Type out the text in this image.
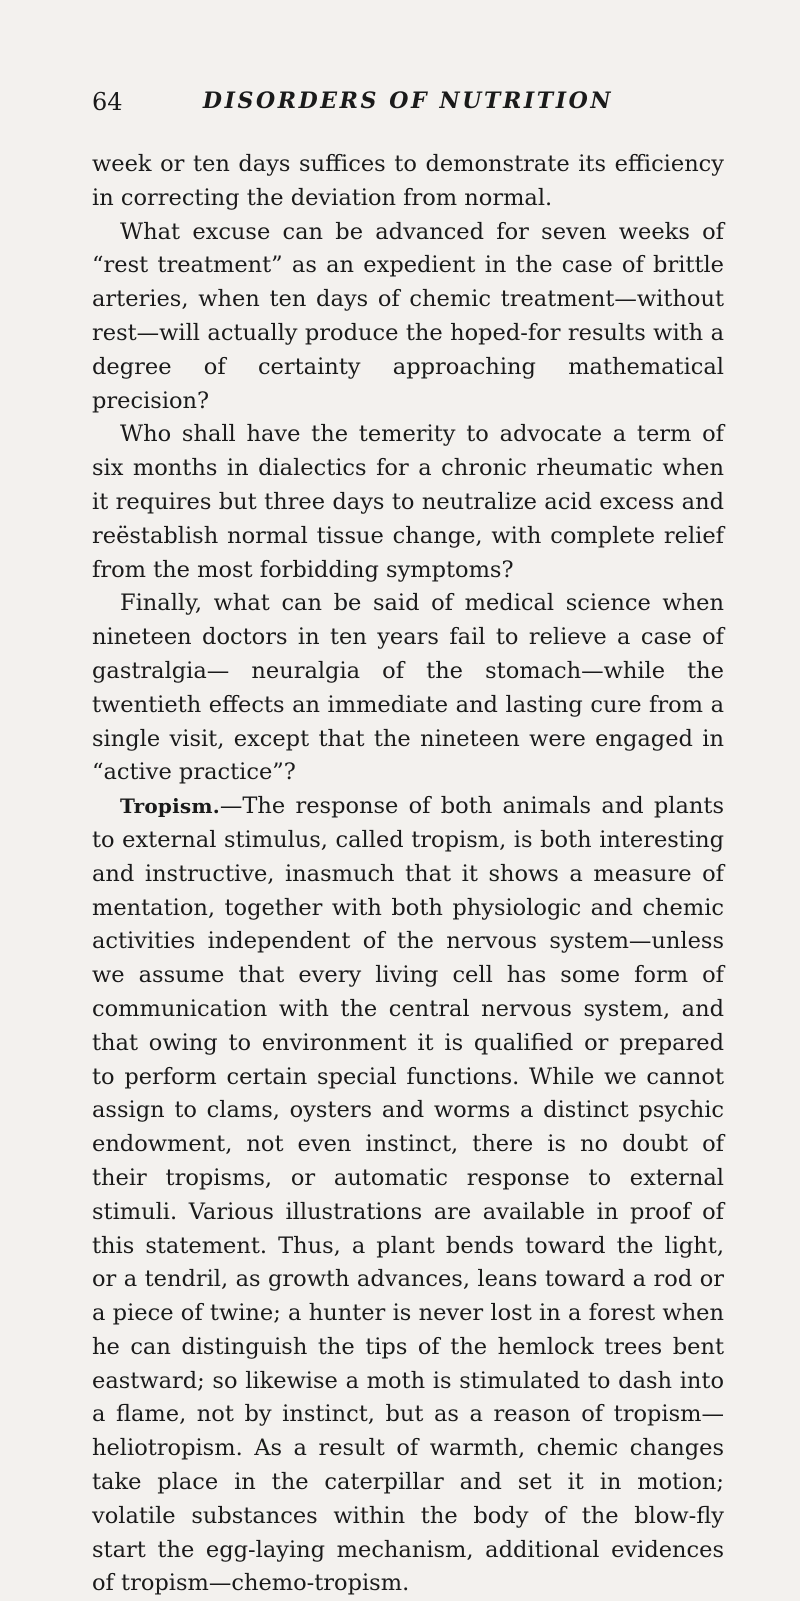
64	DISORDERS OF NUTRITION

week or ten days suffices to demonstrate its efficiency in correcting the deviation from normal.

What excuse can be advanced for seven weeks of “rest treatment” as an expedient in the case of brittle arteries, when ten days of chemic treatment—without rest—will actually produce the hoped-for results with a degree of certainty approaching mathematical precision?

Who shall have the temerity to advocate a term of six months in dialectics for a chronic rheumatic when it requires but three days to neutralize acid excess and reëstablish normal tissue change, with complete relief from the most forbidding symptoms?

Finally, what can be said of medical science when nineteen doctors in ten years fail to relieve a case of gastralgia— neuralgia of the stomach—while the twentieth effects an immediate and lasting cure from a single visit, except that the nineteen were engaged in “active practice”?

Tropism.—The response of both animals and plants to external stimulus, called tropism, is both interesting and instructive, inasmuch that it shows a measure of mentation, together with both physiologic and chemic activities independent of the nervous system—unless we assume that every living cell has some form of communication with the central nervous system, and that owing to environment it is qualified or prepared to perform certain special functions. While we cannot assign to clams, oysters and worms a distinct psychic endowment, not even instinct, there is no doubt of their tropisms, or automatic response to external stimuli. Various illustrations are available in proof of this statement. Thus, a plant bends toward the light, or a tendril, as growth advances, leans toward a rod or a piece of twine; a hunter is never lost in a forest when he can distinguish the tips of the hemlock trees bent eastward; so likewise a moth is stimulated to dash into a flame, not by instinct, but as a reason of tropism—heliotropism. As a result of warmth, chemic changes take place in the caterpillar and set it in motion; volatile substances within the body of the blow-fly start the egg-laying mechanism, additional evidences of tropism—chemo-tropism.
